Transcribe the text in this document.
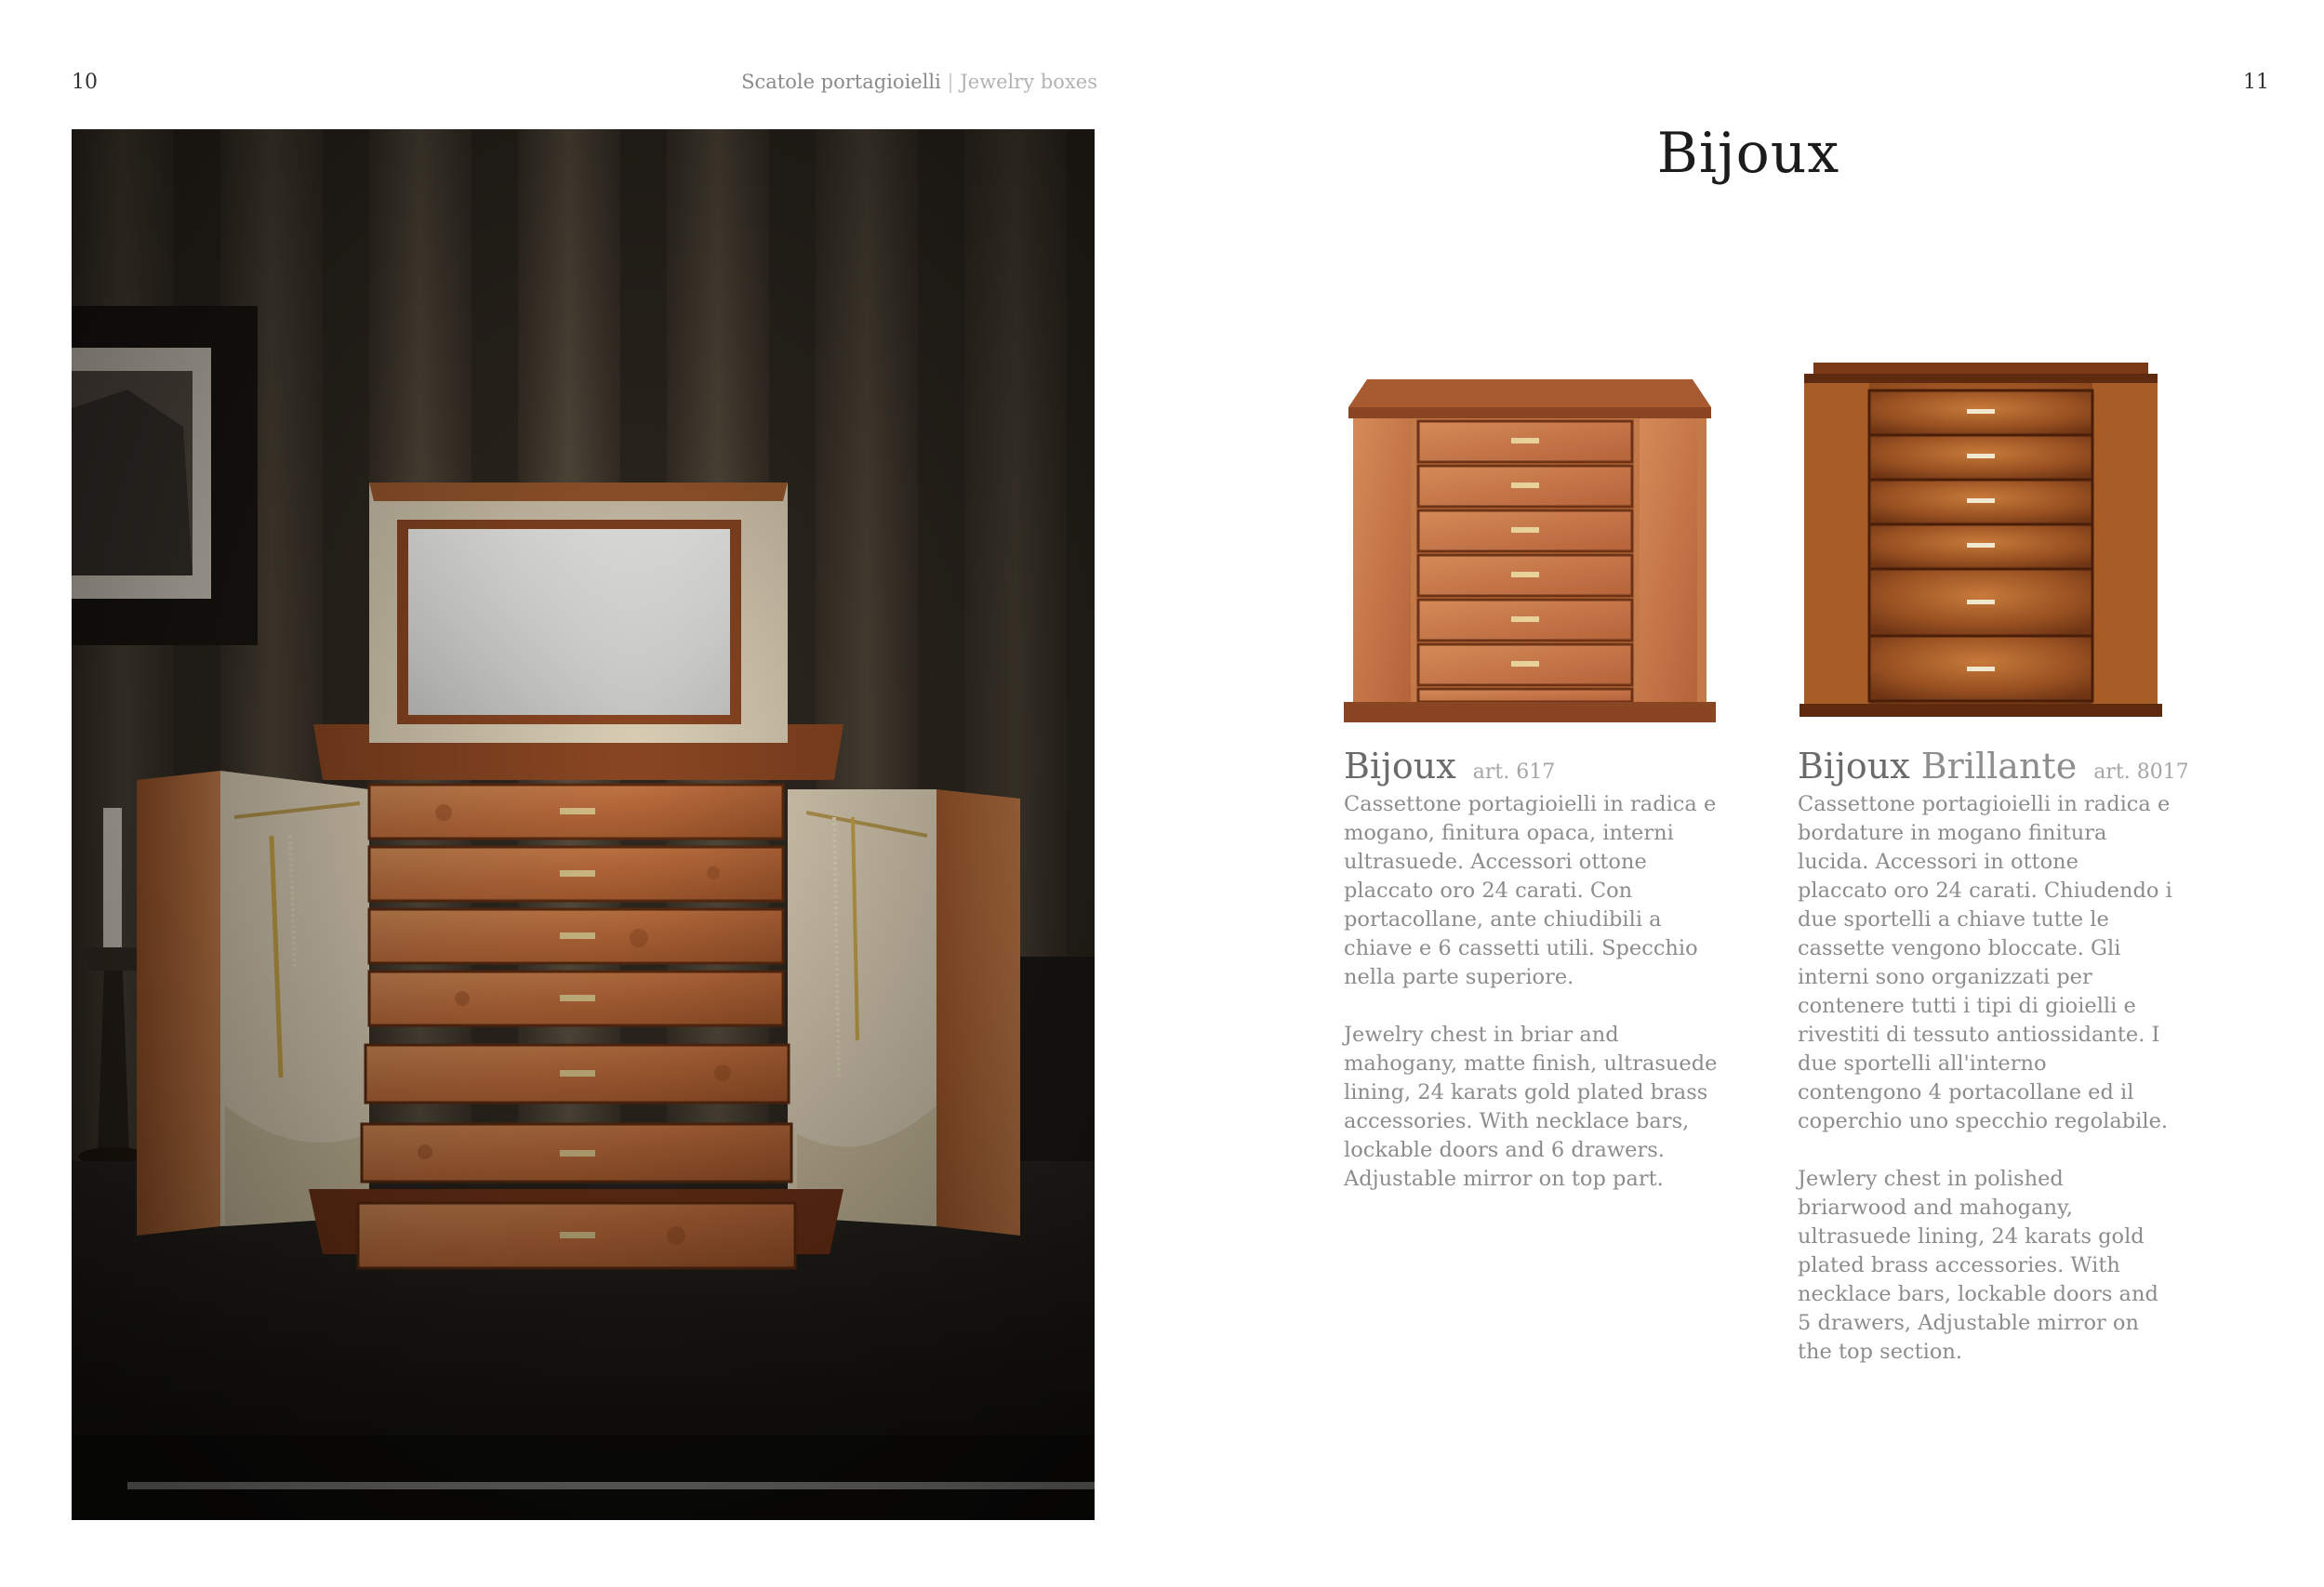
10	Scatole portagioielli | Jewelry boxes	11
Bijoux
Bijoux art. 617

Cassettone portagioielli in radica e mogano, finitura opaca, interni ultrasuede. Accessori ottone placcato oro 24 carati. Con portacollane, ante chiudibili a chiave e 6 cassetti utili. Specchio nella parte superiore.

Jewelry chest in briar and mahogany, matte finish, ultrasuede lining, 24 karats gold plated brass accessories. With necklace bars, lockable doors and 6 drawers. Adjustable mirror on top part.

Bijoux Brillante art. 8017

Cassettone portagioielli in radica e bordature in mogano finitura lucida. Accessori in ottone placcato oro 24 carati. Chiudendo i due sportelli a chiave tutte le cassette vengono bloccate. Gli interni sono organizzati per contenere tutti i tipi di gioielli e rivestiti di tessuto antiossidante. I due sportelli all'interno contengono 4 portacollane ed il coperchio uno specchio regolabile.

Jewlery chest in polished briarwood and mahogany, ultrasuede lining, 24 karats gold plated brass accessories. With necklace bars, lockable doors and 5 drawers, Adjustable mirror on the top section.
